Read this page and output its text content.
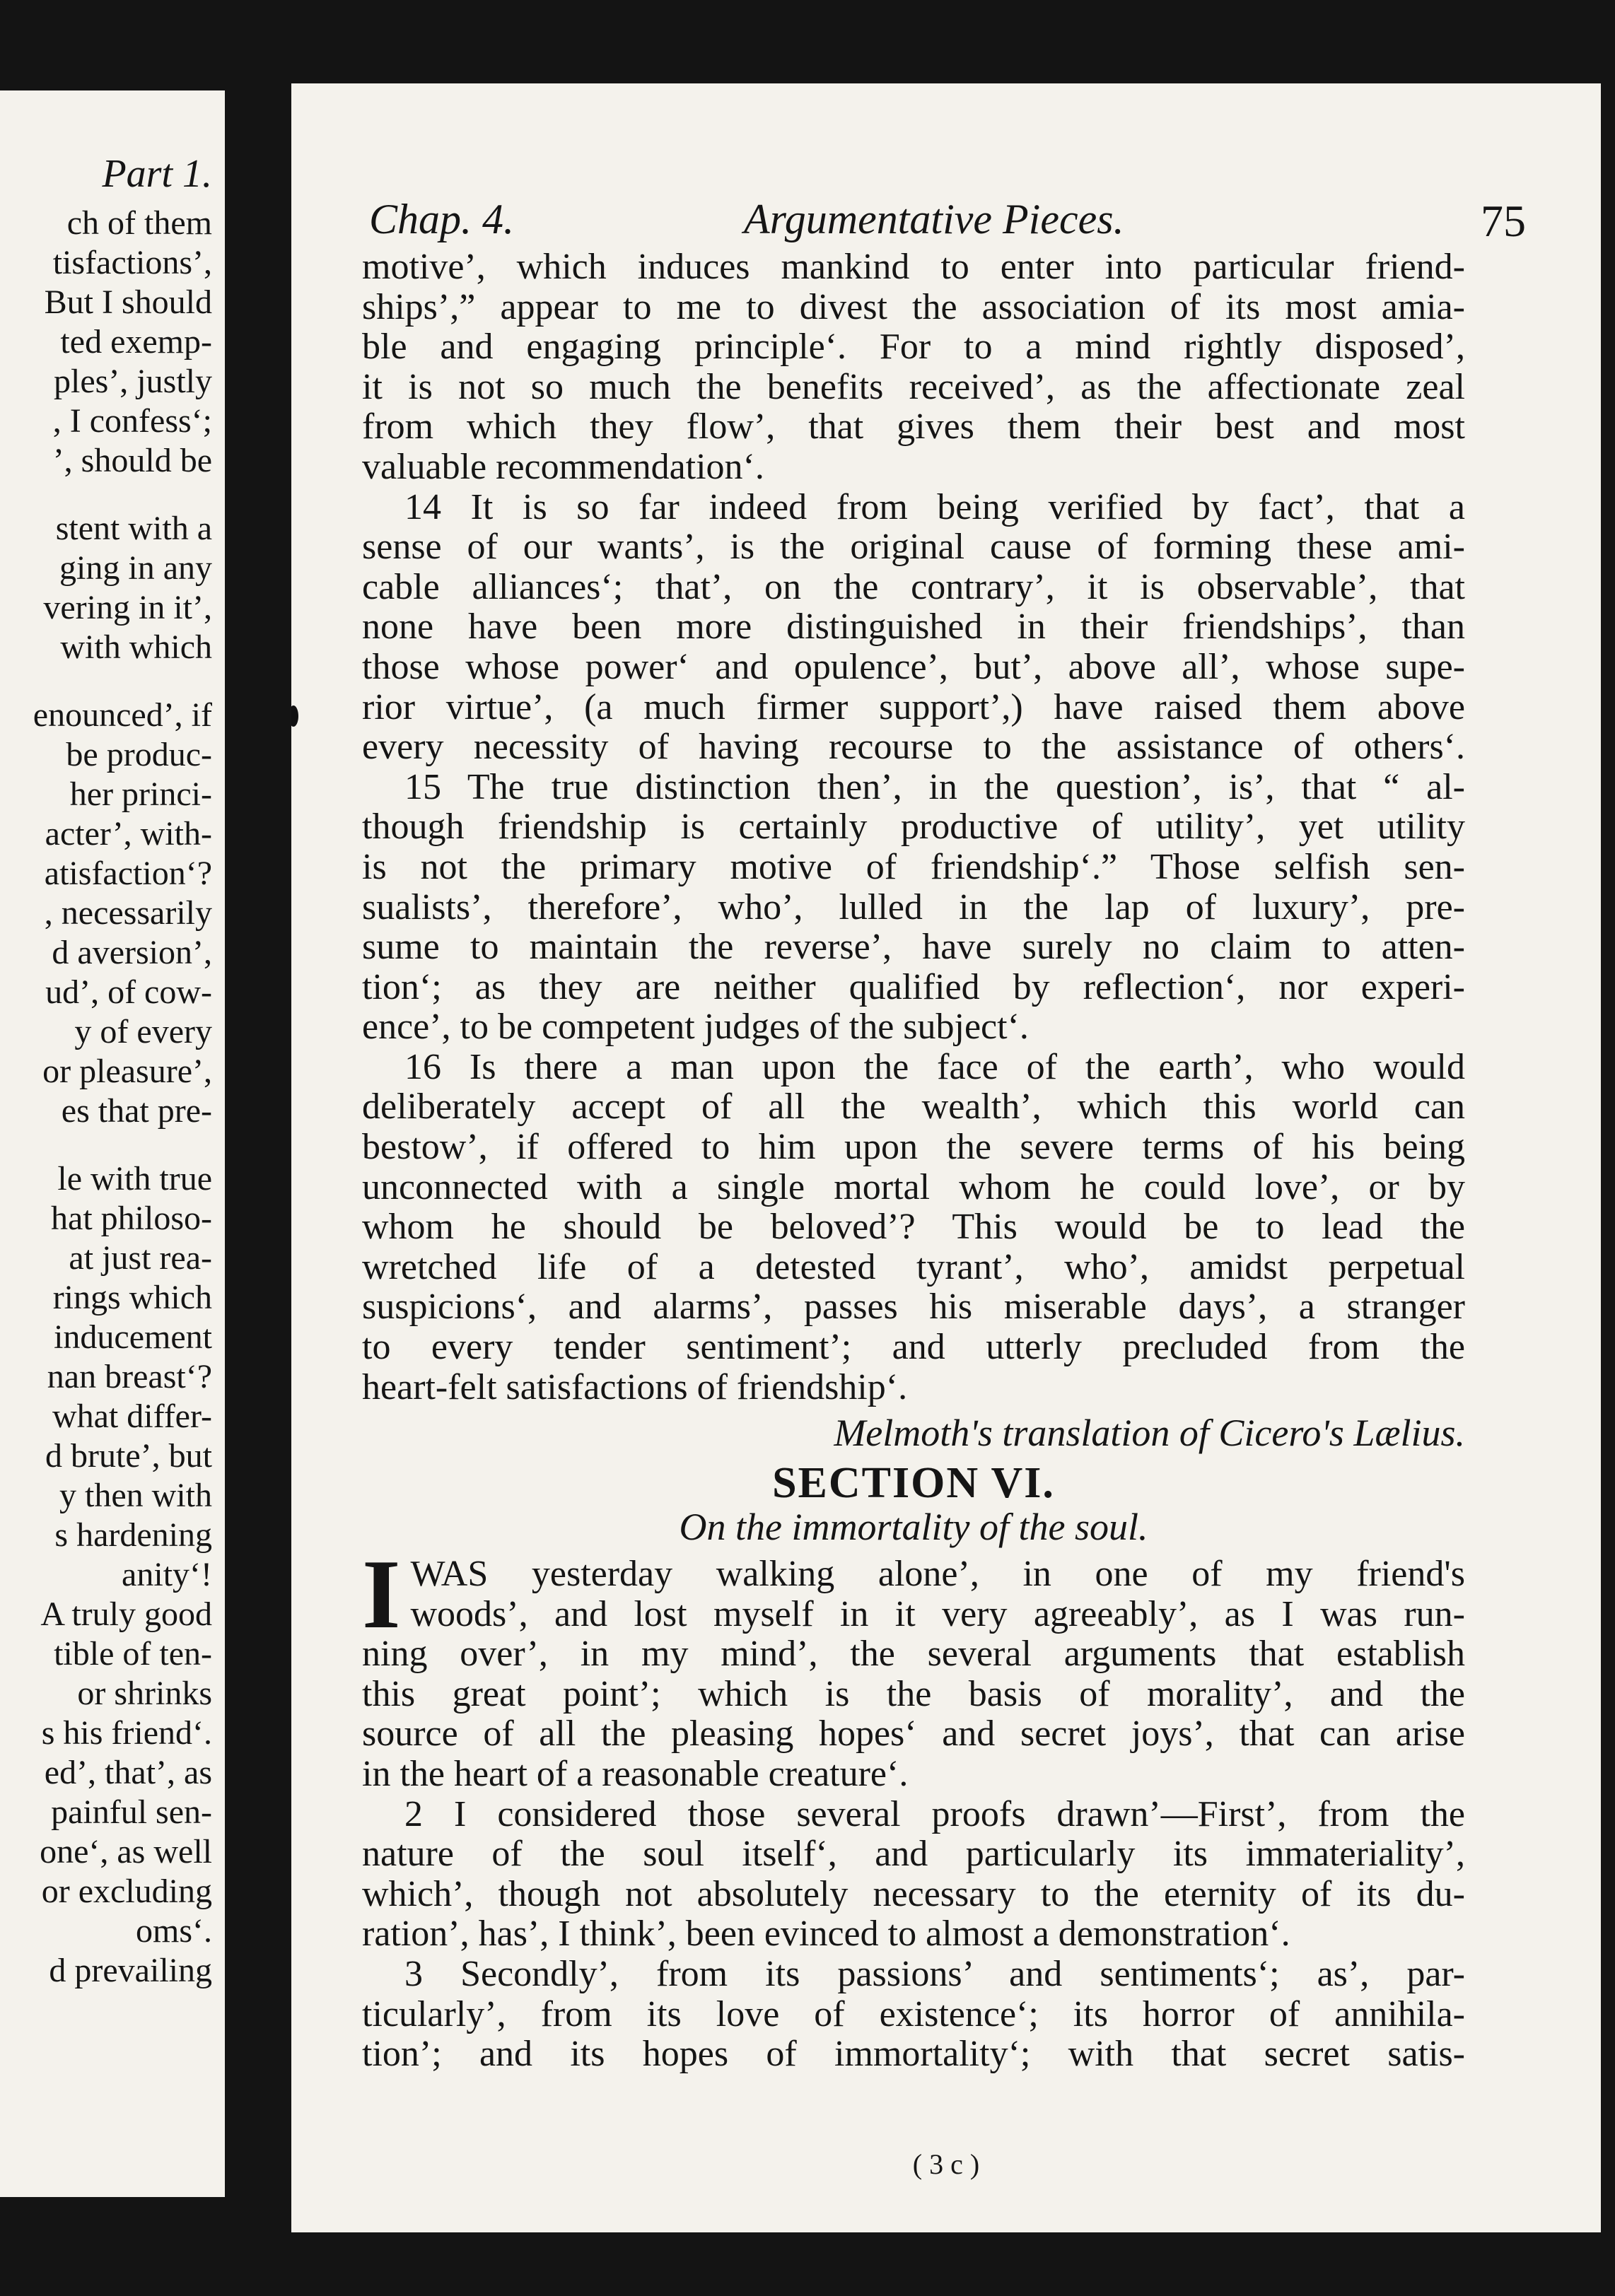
Part 1.
ch of them
tisfactions’,
But I should
ted exemp-
ples’, justly
, I confess‘;
’, should be
stent with a
ging in any
vering in it’,
with which
enounced’, if
be produc-
her princi-
acter’, with-
atisfaction‘?
, necessarily
d aversion’,
ud’, of cow-
y of every
or pleasure’,
es that pre-
le with true
hat philoso-
at just rea-
rings which
inducement
nan breast‘?
what differ-
d brute’, but
y then with
s hardening
anity‘!
A truly good
tible of ten-
or shrinks
s his friend‘.
ed’, that’, as
painful sen-
one‘, as well
or excluding
oms‘.
d prevailing
Chap. 4.	Argumentative Pieces.	75

motive’, which induces mankind to enter into particular friend-
ships’,” appear to me to divest the association of its most amia-
ble and engaging principle‘. For to a mind rightly disposed’,
it is not so much the benefits received’, as the affectionate zeal
from which they flow’, that gives them their best and most
valuable recommendation‘.

14 It is so far indeed from being verified by fact’, that a
sense of our wants’, is the original cause of forming these ami-
cable alliances‘; that’, on the contrary’, it is observable’, that
none have been more distinguished in their friendships’, than
those whose power‘ and opulence’, but’, above all’, whose supe-
rior virtue’, (a much firmer support’,) have raised them above
every necessity of having recourse to the assistance of others‘.

15 The true distinction then’, in the question’, is’, that “ al-
though friendship is certainly productive of utility’, yet utility
is not the primary motive of friendship‘.” Those selfish sen-
sualists’, therefore’, who’, lulled in the lap of luxury’, pre-
sume to maintain the reverse’, have surely no claim to atten-
tion‘; as they are neither qualified by reflection‘, nor experi-
ence’, to be competent judges of the subject‘.

16 Is there a man upon the face of the earth’, who would
deliberately accept of all the wealth’, which this world can
bestow’, if offered to him upon the severe terms of his being
unconnected with a single mortal whom he could love’, or by
whom he should be beloved’? This would be to lead the
wretched life of a detested tyrant’, who’, amidst perpetual
suspicions‘, and alarms’, passes his miserable days’, a stranger
to every tender sentiment’; and utterly precluded from the
heart-felt satisfactions of friendship‘.

Melmoth's translation of Cicero's Lælius.
SECTION VI.
On the immortality of the soul.

I WAS yesterday walking alone’, in one of my friend's
woods’, and lost myself in it very agreeably’, as I was run-
ning over’, in my mind’, the several arguments that establish
this great point’; which is the basis of morality’, and the
source of all the pleasing hopes‘ and secret joys’, that can arise
in the heart of a reasonable creature‘.

2 I considered those several proofs drawn’—First’, from the
nature of the soul itself‘, and particularly its immateriality’,
which’, though not absolutely necessary to the eternity of its du-
ration’, has’, I think’, been evinced to almost a demonstration‘.

3 Secondly’, from its passions’ and sentiments‘; as’, par-
ticularly’, from its love of existence‘; its horror of annihila-
tion’; and its hopes of immortality‘; with that secret satis-

( 3 c )
